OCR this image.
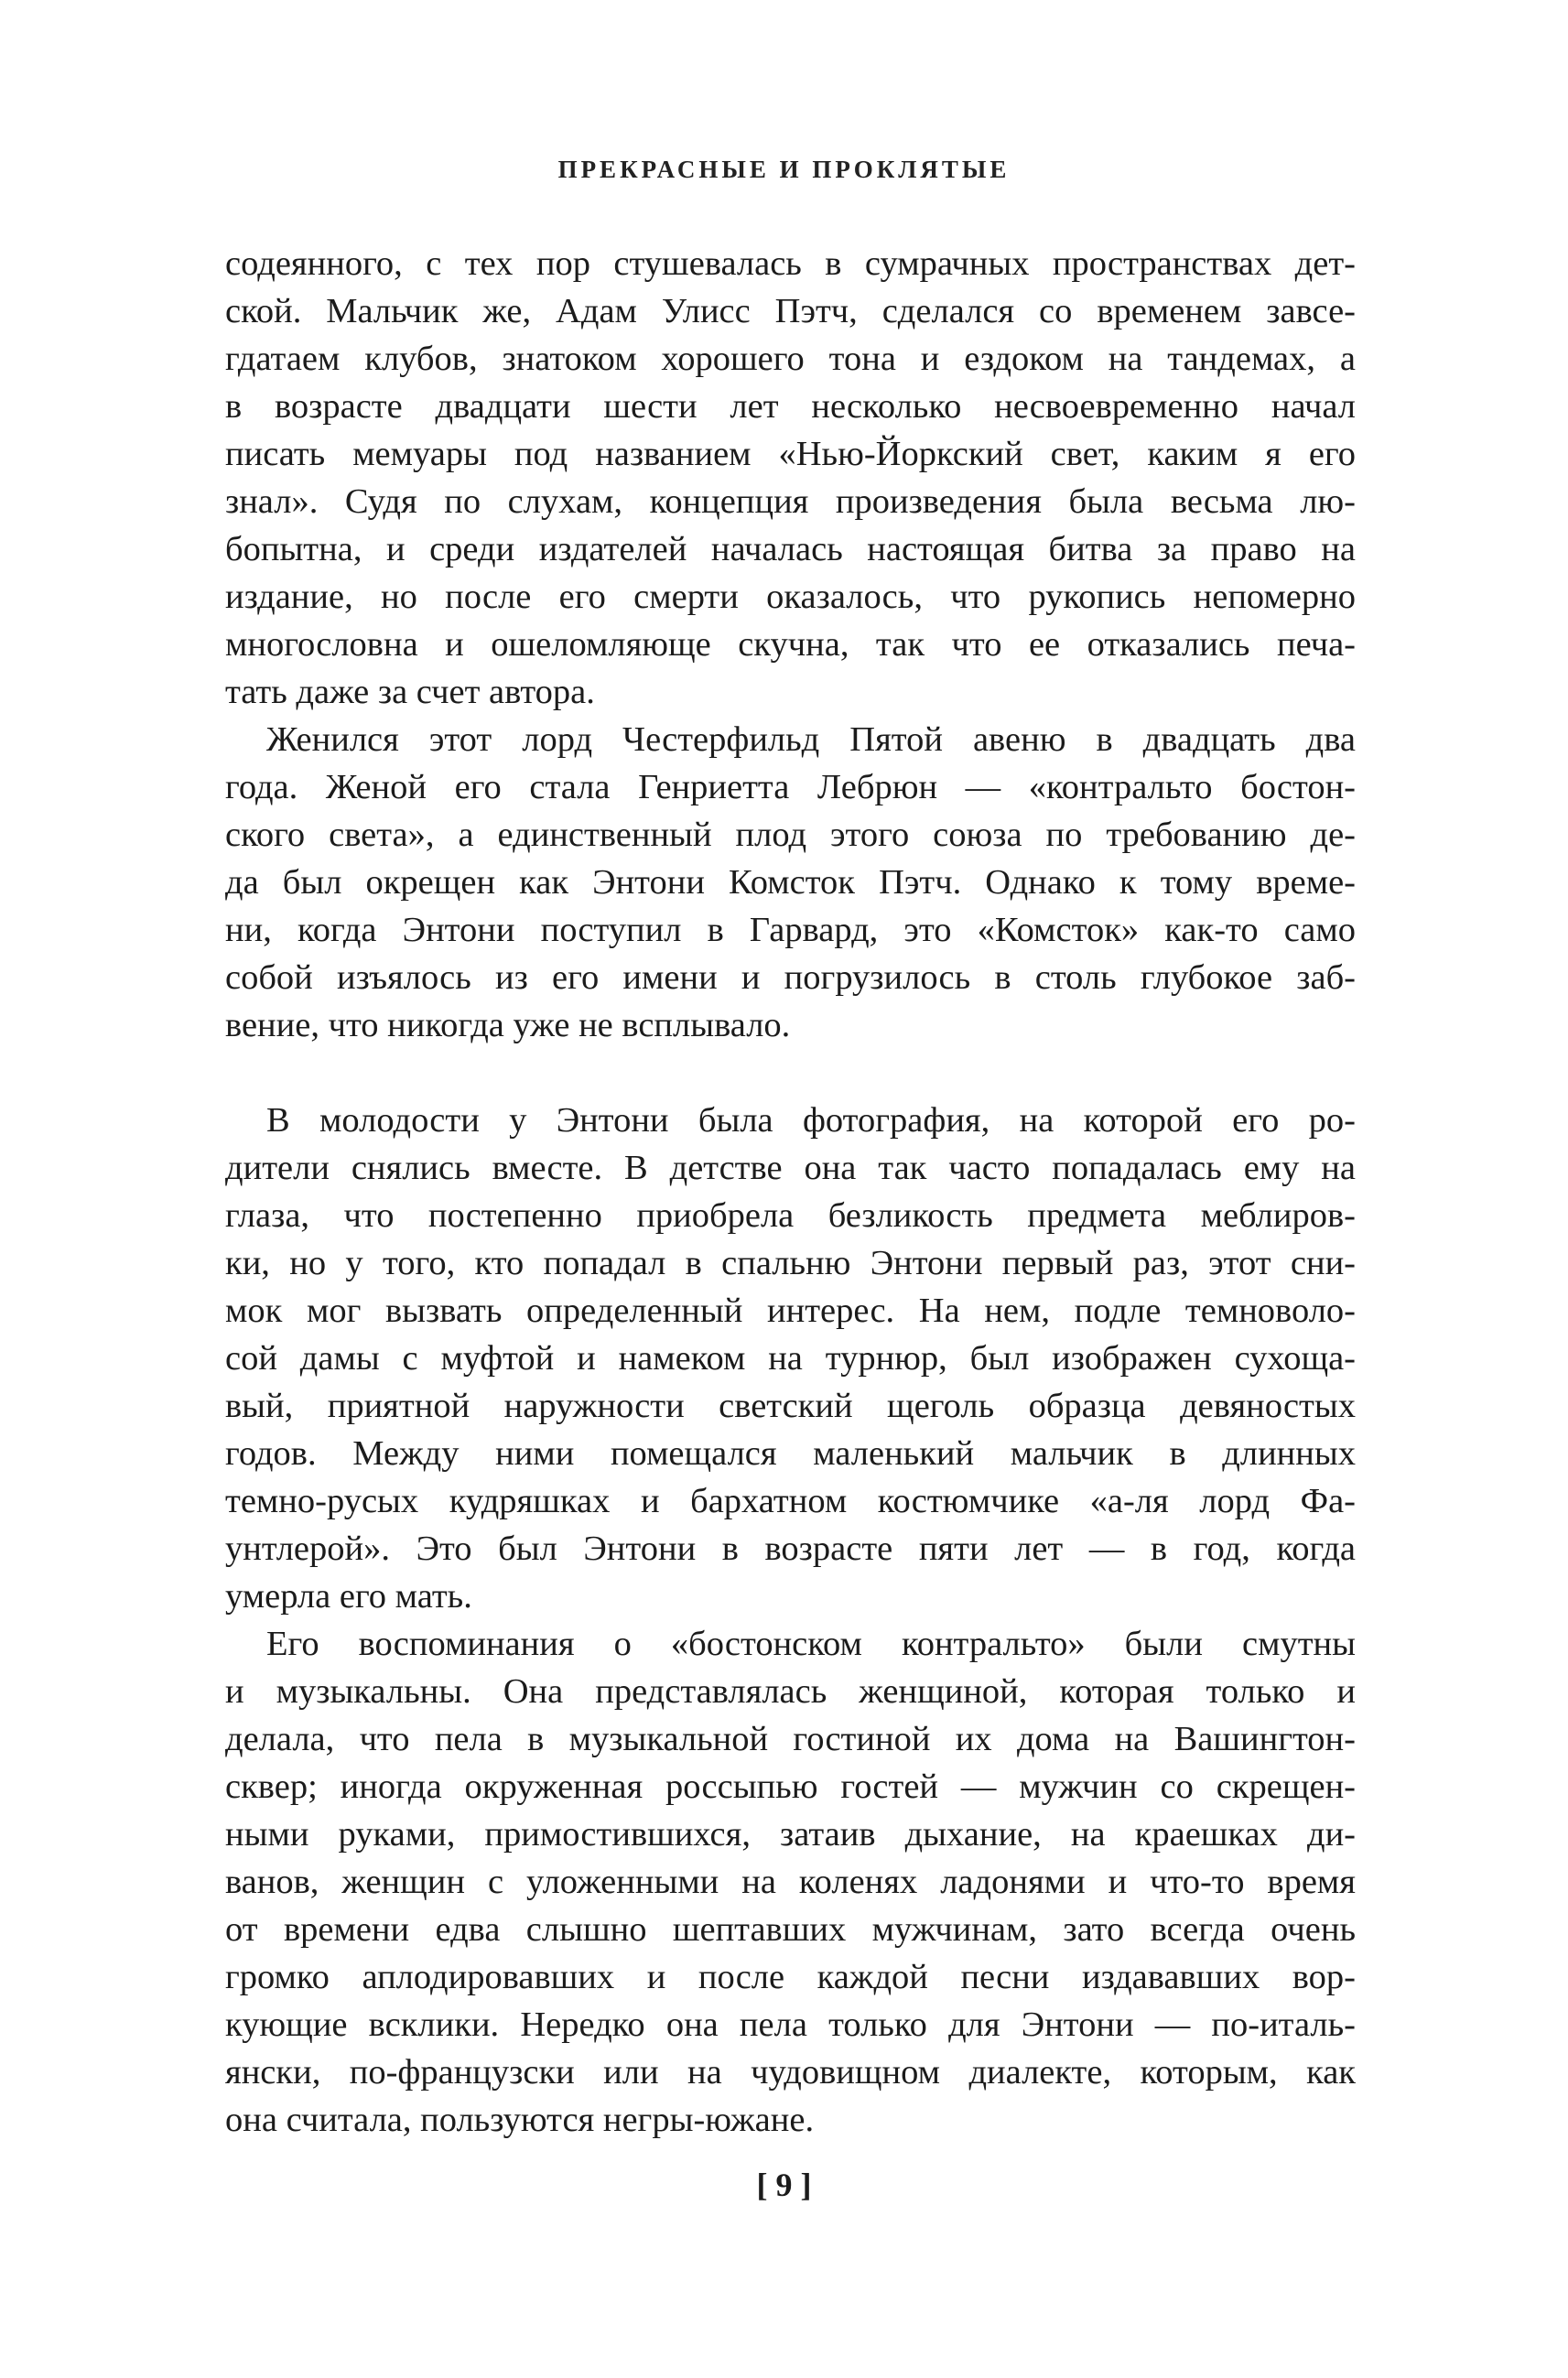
ПРЕКРАСНЫЕ И ПРОКЛЯТЫЕ
содеянного, с тех пор стушевалась в сумрачных пространствах дет-
ской. Мальчик же, Адам Улисс Пэтч, сделался со временем завсе-
гдатаем клубов, знатоком хорошего тона и ездоком на тандемах, а
в возрасте двадцати шести лет несколько несвоевременно начал
писать мемуары под названием «Нью-Йоркский свет, каким я его
знал». Судя по слухам, концепция произведения была весьма лю-
бопытна, и среди издателей началась настоящая битва за право на
издание, но после его смерти оказалось, что рукопись непомерно
многословна и ошеломляюще скучна, так что ее отказались печа-
тать даже за счет автора.
Женился этот лорд Честерфильд Пятой авеню в двадцать два
года. Женой его стала Генриетта Лебрюн — «контральто бостон-
ского света», а единственный плод этого союза по требованию де-
да был окрещен как Энтони Комсток Пэтч. Однако к тому време-
ни, когда Энтони поступил в Гарвард, это «Комсток» как-то само
собой изъялось из его имени и погрузилось в столь глубокое заб-
вение, что никогда уже не всплывало.
В молодости у Энтони была фотография, на которой его ро-
дители снялись вместе. В детстве она так часто попадалась ему на
глаза, что постепенно приобрела безликость предмета меблиров-
ки, но у того, кто попадал в спальню Энтони первый раз, этот сни-
мок мог вызвать определенный интерес. На нем, подле темноволо-
сой дамы с муфтой и намеком на турнюр, был изображен сухоща-
вый, приятной наружности светский щеголь образца девяностых
годов. Между ними помещался маленький мальчик в длинных
темно-русых кудряшках и бархатном костюмчике «а-ля лорд Фа-
унтлерой». Это был Энтони в возрасте пяти лет — в год, когда
умерла его мать.
Его воспоминания о «бостонском контральто» были смутны
и музыкальны. Она представлялась женщиной, которая только и
делала, что пела в музыкальной гостиной их дома на Вашингтон-
сквер; иногда окруженная россыпью гостей — мужчин со скрещен-
ными руками, примостившихся, затаив дыхание, на краешках ди-
ванов, женщин с уложенными на коленях ладонями и что-то время
от времени едва слышно шептавших мужчинам, зато всегда очень
громко аплодировавших и после каждой песни издававших вор-
кующие всклики. Нередко она пела только для Энтони — по-италь-
янски, по-французски или на чудовищном диалекте, которым, как
она считала, пользуются негры-южане.
[ 9 ]
